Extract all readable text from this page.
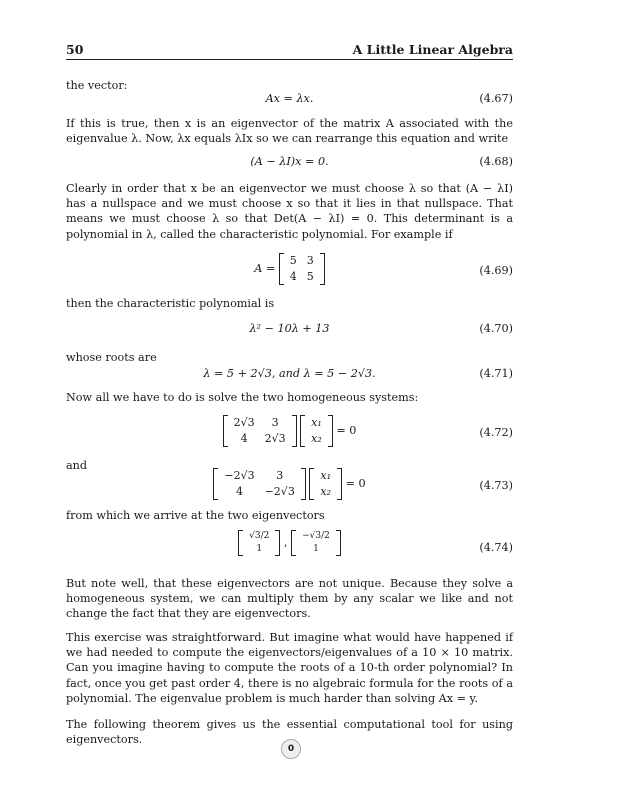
50	A Little Linear Algebra
the vector:
Ax = λx.	(4.67)
If this is true, then x is an eigenvector of the matrix A associated with the eigenvalue λ. Now, λx equals λIx so we can rearrange this equation and write
(A − λI)x = 0.	(4.68)
Clearly in order that x be an eigenvector we must choose λ so that (A − λI) has a nullspace and we must choose x so that it lies in that nullspace. That means we must choose λ so that Det(A − λI) = 0. This determinant is a polynomial in λ, called the characteristic polynomial. For example if
A =
5	3
4	5	(4.69)
then the characteristic polynomial is
λ² − 10λ + 13	(4.70)
whose roots are
λ = 5 + 2√3, and λ = 5 − 2√3.	(4.71)
Now all we have to do is solve the two homogeneous systems:
2√3	3
4	2√3

x₁
x₂
= 0	(4.72)
and
−2√3	3
4	−2√3

x₁
x₂
= 0	(4.73)
from which we arrive at the two eigenvectors
√3/2
1 , −√3/2
1	(4.74)
But note well, that these eigenvectors are not unique. Because they solve a homogeneous system, we can multiply them by any scalar we like and not change the fact that they are eigenvectors.
This exercise was straightforward. But imagine what would have happened if we had needed to compute the eigenvectors/eigenvalues of a 10 × 10 matrix. Can you imagine having to compute the roots of a 10-th order polynomial? In fact, once you get past order 4, there is no algebraic formula for the roots of a polynomial. The eigenvalue problem is much harder than solving Ax = y.
The following theorem gives us the essential computational tool for using eigenvectors.
0
